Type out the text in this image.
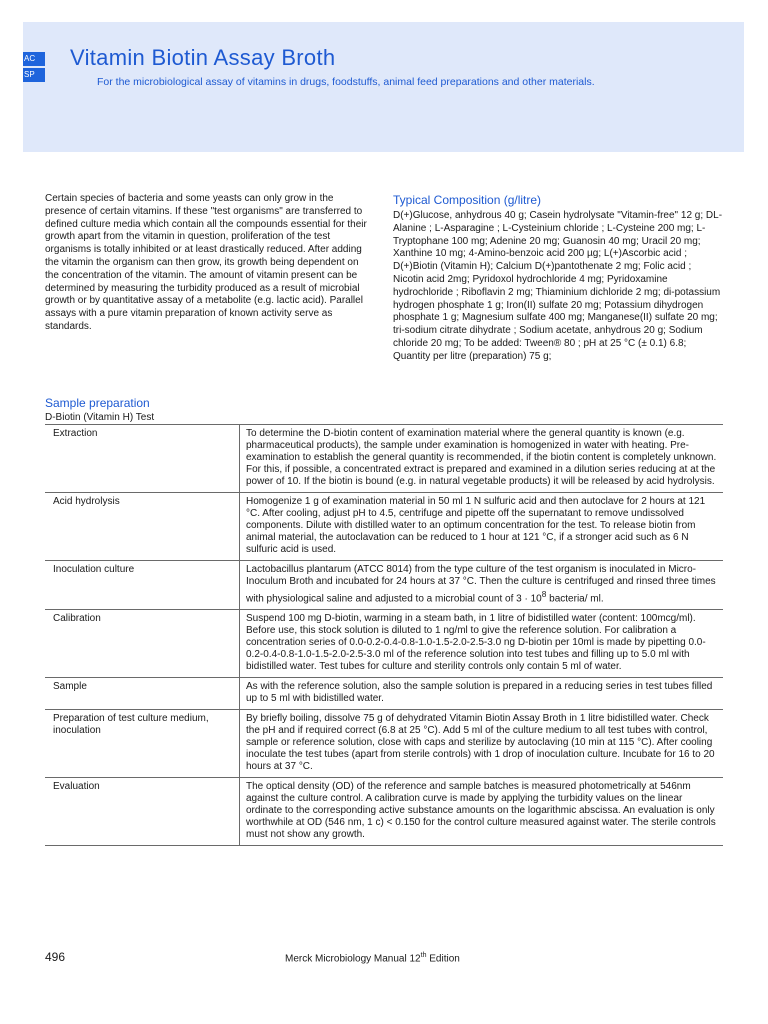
AC
SP
Vitamin Biotin Assay Broth

For the microbiological assay of vitamins in drugs, foodstuffs, animal feed preparations and other materials.

Certain species of bacteria and some yeasts can only grow in the presence of certain vitamins. If these "test organisms" are transferred to defined culture media which contain all the compounds essential for their growth apart from the vitamin in question, proliferation of the test organisms is totally inhibited or at least drastically reduced. After adding the vitamin the organism can then grow, its growth being dependent on the concentration of the vitamin. The amount of vitamin present can be determined by measuring the turbidity produced as a result of microbial growth or by quantitative assay of a metabolite (e.g. lactic acid). Parallel assays with a pure vitamin preparation of known activity serve as standards.

Typical Composition (g/litre)

D(+)Glucose, anhydrous 40 g; Casein hydrolysate "Vitamin-free" 12 g; DL-Alanine ; L-Asparagine ; L-Cysteinium chloride ; L-Cysteine 200 mg; L-Tryptophane 100 mg; Adenine 20 mg; Guanosin 40 mg; Uracil 20 mg; Xanthine 10 mg; 4-Amino-benzoic acid 200 µg; L(+)Ascorbic acid ; D(+)Biotin (Vitamin H); Calcium D(+)pantothenate 2 mg; Folic acid ; Nicotin acid 2mg; Pyridoxol hydrochloride 4 mg; Pyridoxamine hydrochloride ; Riboflavin 2 mg; Thiaminium dichloride 2 mg; di-potassium hydrogen phosphate 1 g; Iron(II) sulfate 20 mg; Potassium dihydrogen phosphate 1 g; Magnesium sulfate 400 mg; Manganese(II) sulfate 20 mg; tri-sodium citrate dihydrate ; Sodium acetate, anhydrous 20 g; Sodium chloride 20 mg; To be added: Tween® 80 ; pH at 25 °C (± 0.1) 6.8; Quantity per litre (preparation) 75 g;

Sample preparation

D-Biotin (Vitamin H) Test

Extraction	To determine the D-biotin content of examination material where the general quantity is known (e.g. pharmaceutical products), the sample under examination is homogenized in water with heating. Pre-examination to establish the general quantity is recommended, if the biotin content is completely unknown. For this, if possible, a concentrated extract is prepared and examined in a dilution series reducing at at the power of 10. If the biotin is bound (e.g. in natural vegetable products) it will be released by acid hydrolysis.
Acid hydrolysis	Homogenize 1 g of examination material in 50 ml 1 N sulfuric acid and then autoclave for 2 hours at 121 °C. After cooling, adjust pH to 4.5, centrifuge and pipette off the supernatant to remove undissolved components. Dilute with distilled water to an optimum concentration for the test. To release biotin from animal material, the autoclavation can be reduced to 1 hour at 121 °C, if a stronger acid such as 6 N sulfuric acid is used.
Inoculation culture	Lactobacillus plantarum (ATCC 8014) from the type culture of the test organism is inoculated in Micro-Inoculum Broth and incubated for 24 hours at 37 °C. Then the culture is centrifuged and rinsed three times with physiological saline and adjusted to a microbial count of $3 \cdot 10^8$ bacteria/ ml.
Calibration	Suspend 100 mg D-biotin, warming in a steam bath, in 1 litre of bidistilled water (content: 100mcg/ml). Before use, this stock solution is diluted to 1 ng/ml to give the reference solution. For calibration a concentration series of 0.0-0.2-0.4-0.8-1.0-1.5-2.0-2.5-3.0 ng D-biotin per 10ml is made by pipetting 0.0-0.2-0.4-0.8-1.0-1.5-2.0-2.5-3.0 ml of the reference solution into test tubes and filling up to 5.0 ml with bidistilled water. Test tubes for culture and sterility controls only contain 5 ml of water.
Sample	As with the reference solution, also the sample solution is prepared in a reducing series in test tubes filled up to 5 ml with bidistilled water.
Preparation of test culture medium, inoculation	By briefly boiling, dissolve 75 g of dehydrated Vitamin Biotin Assay Broth in 1 litre bidistilled water. Check the pH and if required correct (6.8 at 25 °C). Add 5 ml of the culture medium to all test tubes with control, sample or reference solution, close with caps and sterilize by autoclaving (10 min at 115 °C). After cooling inoculate the test tubes (apart from sterile controls) with 1 drop of inoculation culture. Incubate for 16 to 20 hours at 37 °C.
Evaluation	The optical density (OD) of the reference and sample batches is measured photometrically at 546nm against the culture control. A calibration curve is made by applying the turbidity values on the linear ordinate to the corresponding active substance amounts on the logarithmic abscissa. An evaluation is only worthwhile at OD (546 nm, 1 c) < 0.150 for the control culture measured against water. The sterile controls must not show any growth.
496	Merck Microbiology Manual 12th Edition
